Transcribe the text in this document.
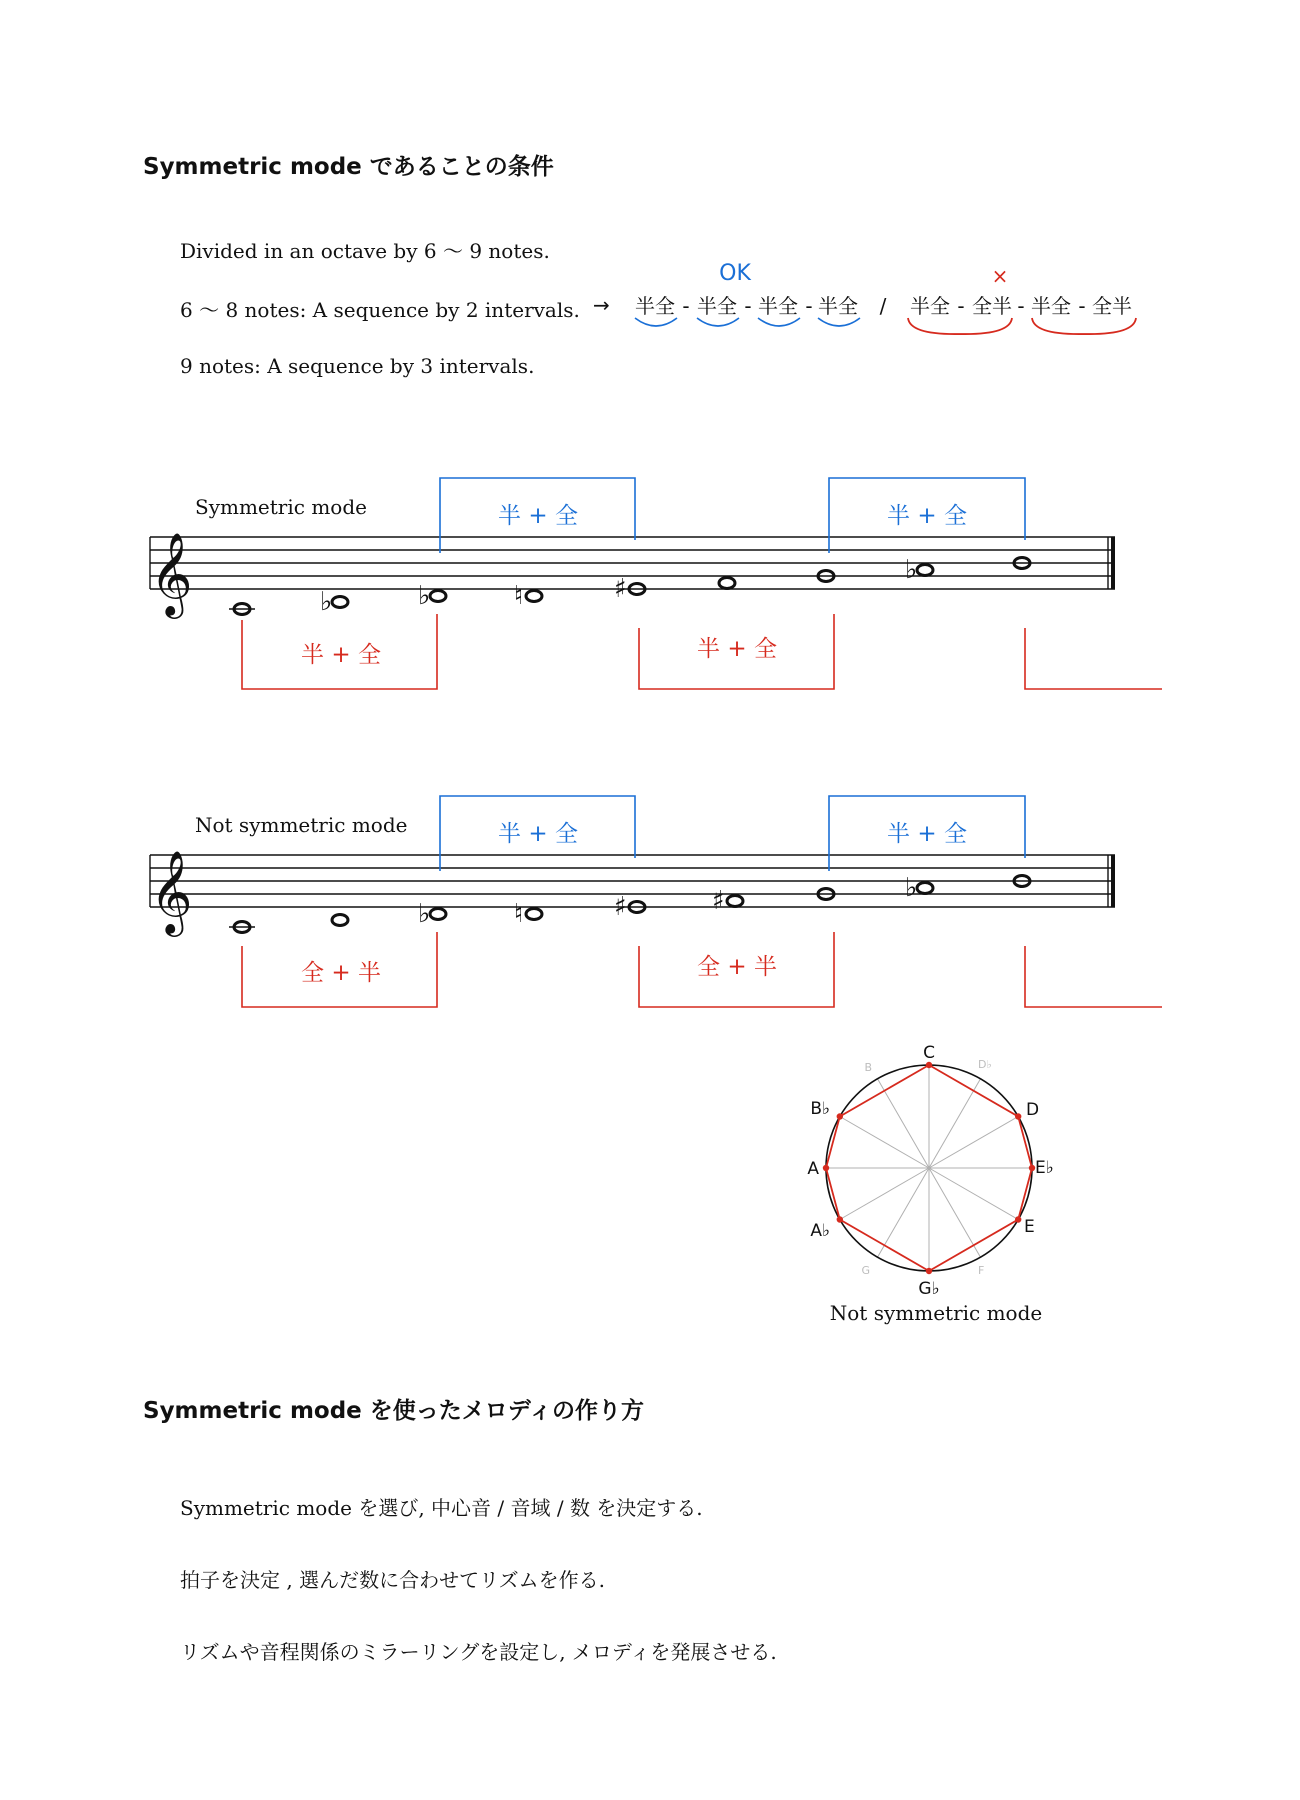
Symmetric mode であることの条件

Divided in an octave by 6 〜 9 notes.

6 〜 8 notes: A sequence by 2 intervals.

9 notes: A sequence by 3 intervals.

Symmetric mode を使ったメロディの作り方

Symmetric mode を選び, 中心音 / 音域 / 数 を決定する.

拍子を決定 , 選んだ数に合わせてリズムを作る.

リズムや音程関係のミラーリングを設定し, メロディを発展させる.

→
OK	×
半全 - 半全 - 半全 - 半全 / 半全 - 全半 - 半全 - 全半
Symmetric mode
𝄞	♭	♭	♮	♯
♭
半 + 全	半 + 全
半 + 全	半 + 全
Not symmetric mode
𝄞	♭	♮	♯	♯	♭
半 + 全	半 + 全
全 + 半	全 + 半
C
D
E♭
E
G♭
A♭
A
B♭
D♭
F
G
B
Not symmetric mode
